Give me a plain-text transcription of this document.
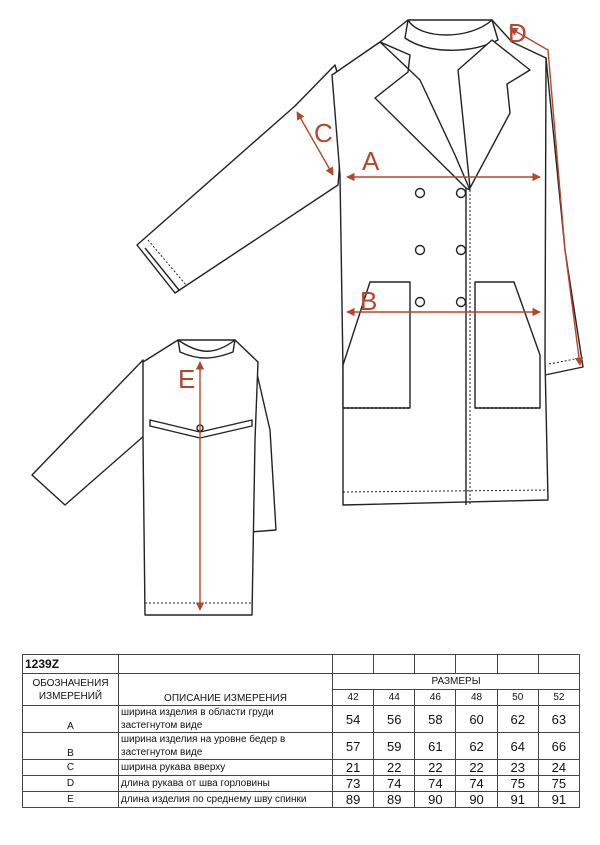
A
B
C
D
E
1239Z							
ОБОЗНАЧЕНИЯ ИЗМЕРЕНИЙ	ОПИСАНИЕ ИЗМЕРЕНИЯ	РАЗМЕРЫ					
		42	44	46	48	50	52
A	ширина изделия в области груди застегнутом виде	54	56	58	60	62	63
B	ширина изделия на уровне бедер в застегнутом виде	57	59	61	62	64	66
C	ширина рукава вверху	21	22	22	22	23	24
D	длина рукава от шва горловины	73	74	74	74	75	75
E	длина изделия по среднему шву спинки	89	89	90	90	91	91
